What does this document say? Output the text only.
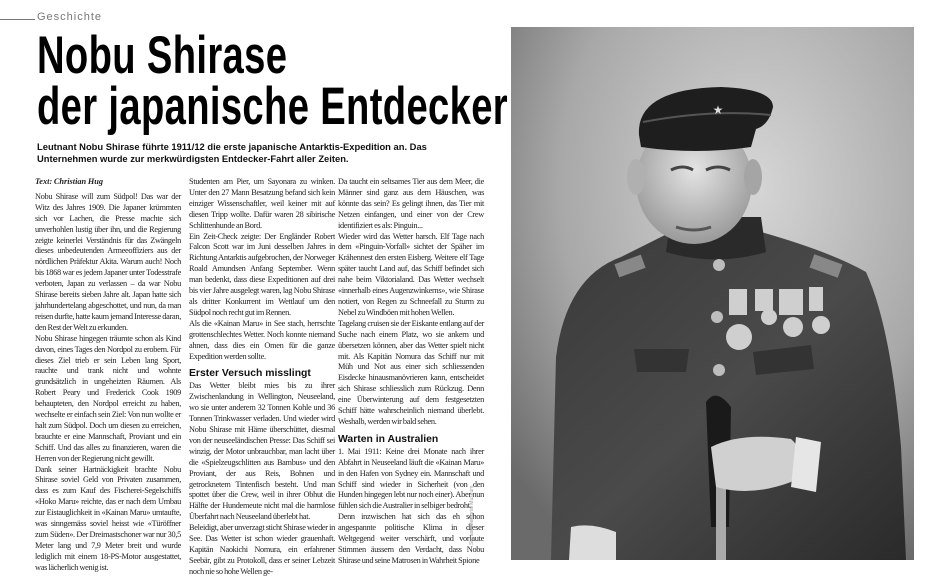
Geschichte
Nobu Shirase
der japanische Entdecker
Leutnant Nobu Shirase führte 1911/12 die erste japanische Antarktis-Expedition an. Das Unternehmen wurde zur merkwürdigsten Entdecker-Fahrt aller Zeiten.

Text: Christian Hug

Nobu Shirase will zum Südpol! Das war der Witz des Jahres 1909. Die Japaner krümmten sich vor Lachen, die Presse machte sich unverhohlen lustig über ihn, und die Regierung zeigte keinerlei Verständnis für das Zwängeln dieses unbedeutenden Armeeoffiziers aus der nördlichen Präfektur Akita. Warum auch! Noch bis 1868 war es jedem Japaner unter Todesstrafe verboten, Japan zu verlassen – da war Nobu Shirase bereits sieben Jahre alt. Japan hatte sich jahrhundertelang abgeschottet, und nun, da man reisen durfte, hatte kaum jemand Interesse daran, den Rest der Welt zu erkunden.

Nobu Shirase hingegen träumte schon als Kind davon, eines Tages den Nordpol zu erobern. Für dieses Ziel trieb er sein Leben lang Sport, rauchte und trank nicht und wohnte grundsätzlich in ungeheizten Räumen. Als Robert Peary und Frederick Cook 1909 behaupteten, den Nordpol erreicht zu haben, wechselte er einfach sein Ziel: Von nun wollte er halt zum Südpol. Doch um diesen zu erreichen, brauchte er eine Mannschaft, Proviant und ein Schiff. Und das alles zu finanzieren, waren die Herren von der Regierung nicht gewillt.

Dank seiner Hartnäckigkeit brachte Nobu Shirase soviel Geld von Privaten zusammen, dass es zum Kauf des Fischerei-Segelschiffs «Hoko Maru» reichte, das er nach dem Umbau zur Eistauglichkeit in «Kainan Maru» umtaufte, was sinngemäss soviel heisst wie «Türöffner zum Süden». Der Dreimastschoner war nur 30,5 Meter lang und 7,9 Meter breit und wurde lediglich mit einem 18-PS-Motor ausgestattet, was lächerlich wenig ist.

Studenten am Pier, um Sayonara zu winken. Unter den 27 Mann Besatzung befand sich kein einziger Wissenschaftler, weil keiner mit auf diesen Tripp wollte. Dafür waren 28 sibirische Schlittenhunde an Bord.

Ein Zeit-Check zeigte: Der Engländer Robert Falcon Scott war im Juni desselben Jahres in Richtung Antarktis aufgebrochen, der Norweger Roald Amundsen Anfang September. Wenn man bedenkt, dass diese Expeditionen auf drei bis vier Jahre ausgelegt waren, lag Nobu Shirase als dritter Konkurrent im Wettlauf um den Südpol noch recht gut im Rennen.

Als die «Kainan Maru» in See stach, herrschte grottenschlechtes Wetter. Noch konnte niemand ahnen, dass dies ein Omen für die ganze Expedition werden sollte.

Erster Versuch misslingt

Das Wetter bleibt mies bis zu ihrer Zwischenlandung in Wellington, Neuseeland, wo sie unter anderem 32 Tonnen Kohle und 36 Tonnen Trinkwasser verladen. Und wieder wird Nobu Shirase mit Häme überschüttet, diesmal von der neuseeländischen Presse: Das Schiff sei winzig, der Motor unbrauchbar, man lacht über die «Spielzeugschlitten aus Bambus» und den Proviant, der aus Reis, Bohnen und getrocknetem Tintenfisch besteht. Und man spottet über die Crew, weil in ihrer Obhut die Hälfte der Hundemeute nicht mal die harmlose Überfahrt nach Neuseeland überlebt hat.

Beleidigt, aber unverzagt sticht Shirase wieder in See. Das Wetter ist schon wieder grauenhaft. Kapitän Naokichi Nomura, ein erfahrener Seebär, gibt zu Protokoll, dass er seiner Lebzeit noch nie so hohe Wellen ge-

Da taucht ein seltsames Tier aus dem Meer, die Männer sind ganz aus dem Häuschen, was könnte das sein? Es gelingt ihnen, das Tier mit Netzen einfangen, und einer von der Crew identifiziert es als: Pinguin...

Wieder wird das Wetter harsch. Elf Tage nach dem «Pinguin-Vorfall» sichtet der Späher im Krähennest den ersten Eisberg. Weitere elf Tage später taucht Land auf, das Schiff befindet sich nahe beim Viktorialand. Das Wetter wechselt «innerhalb eines Augenzwinkerns», wie Shirase notiert, von Regen zu Schneefall zu Sturm zu Nebel zu Windböen mit hohen Wellen.

Tagelang cruisen sie der Eiskante entlang auf der Suche nach einem Platz, wo sie ankern und übersetzen können, aber das Wetter spielt nicht mit. Als Kapitän Nomura das Schiff nur mit Müh und Not aus einer sich schliessenden Eisdecke hinausmanövrieren kann, entscheidet sich Shirase schliesslich zum Rückzug. Denn eine Überwinterung auf dem festgesetzten Schiff hätte wahrscheinlich niemand überlebt. Weshalb, werden wir bald sehen.

Warten in Australien

1. Mai 1911: Keine drei Monate nach ihrer Abfahrt in Neuseeland läuft die «Kainan Maru» in den Hafen von Sydney ein. Mannschaft und Schiff sind wieder in Sicherheit (von den Hunden hingegen lebt nur noch einer). Aber nun fühlen sich die Australier in selbiger bedroht.

Denn inzwischen hat sich das eh schon angespannte politische Klima in dieser Weltgegend weiter verschärft, und vorlaute Stimmen äussern den Verdacht, dass Nobu Shirase und seine Matrosen in Wahrheit Spione

Shirase Memorial Museum
★
